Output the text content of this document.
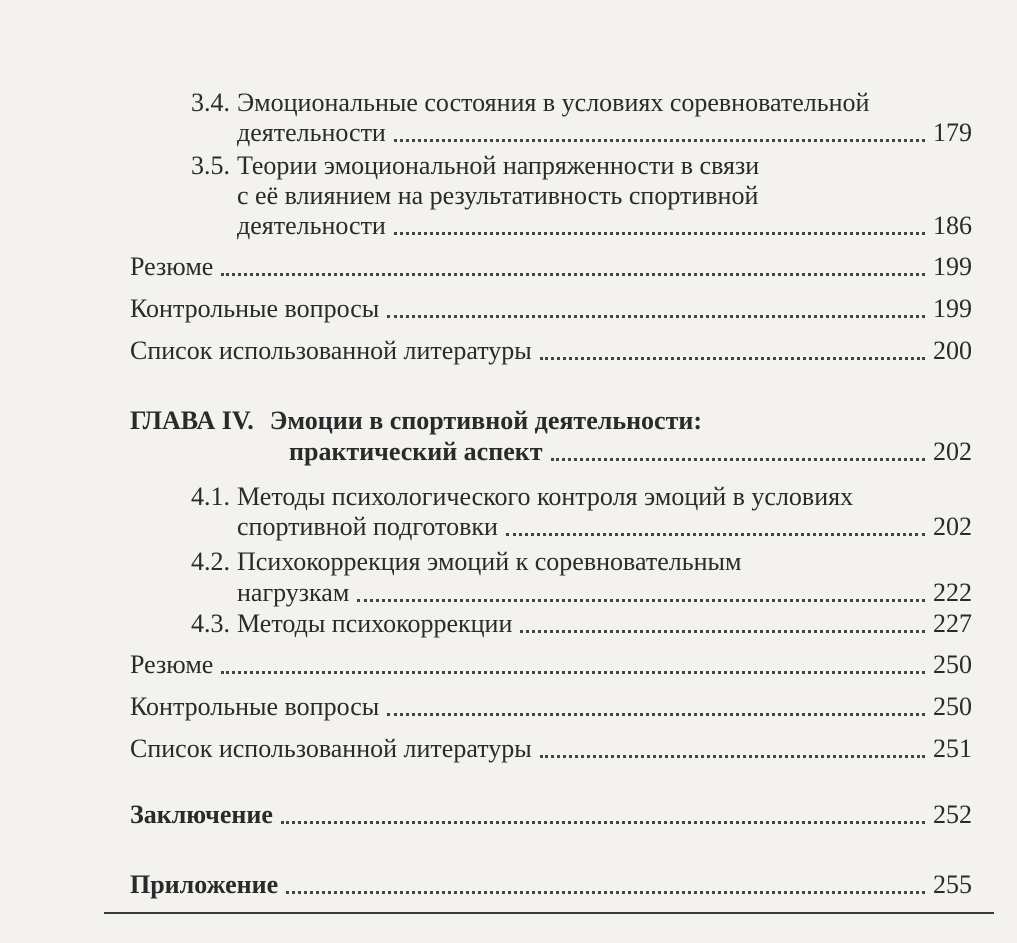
3.4. Эмоциональные состояния в условиях соревновательной
деятельности	179
3.5. Теории эмоциональной напряженности в связи
с её влиянием на результативность спортивной
деятельности	186
Резюме	199
Контрольные вопросы	199
Список использованной литературы	200
ГЛАВА IV. Эмоции в спортивной деятельности:
практический аспект	202
4.1. Методы психологического контроля эмоций в условиях
спортивной подготовки	202
4.2. Психокоррекция эмоций к соревновательным
нагрузкам	222
4.3. Методы психокоррекции	227
Резюме	250
Контрольные вопросы	250
Список использованной литературы	251
Заключение	252
Приложение	255
